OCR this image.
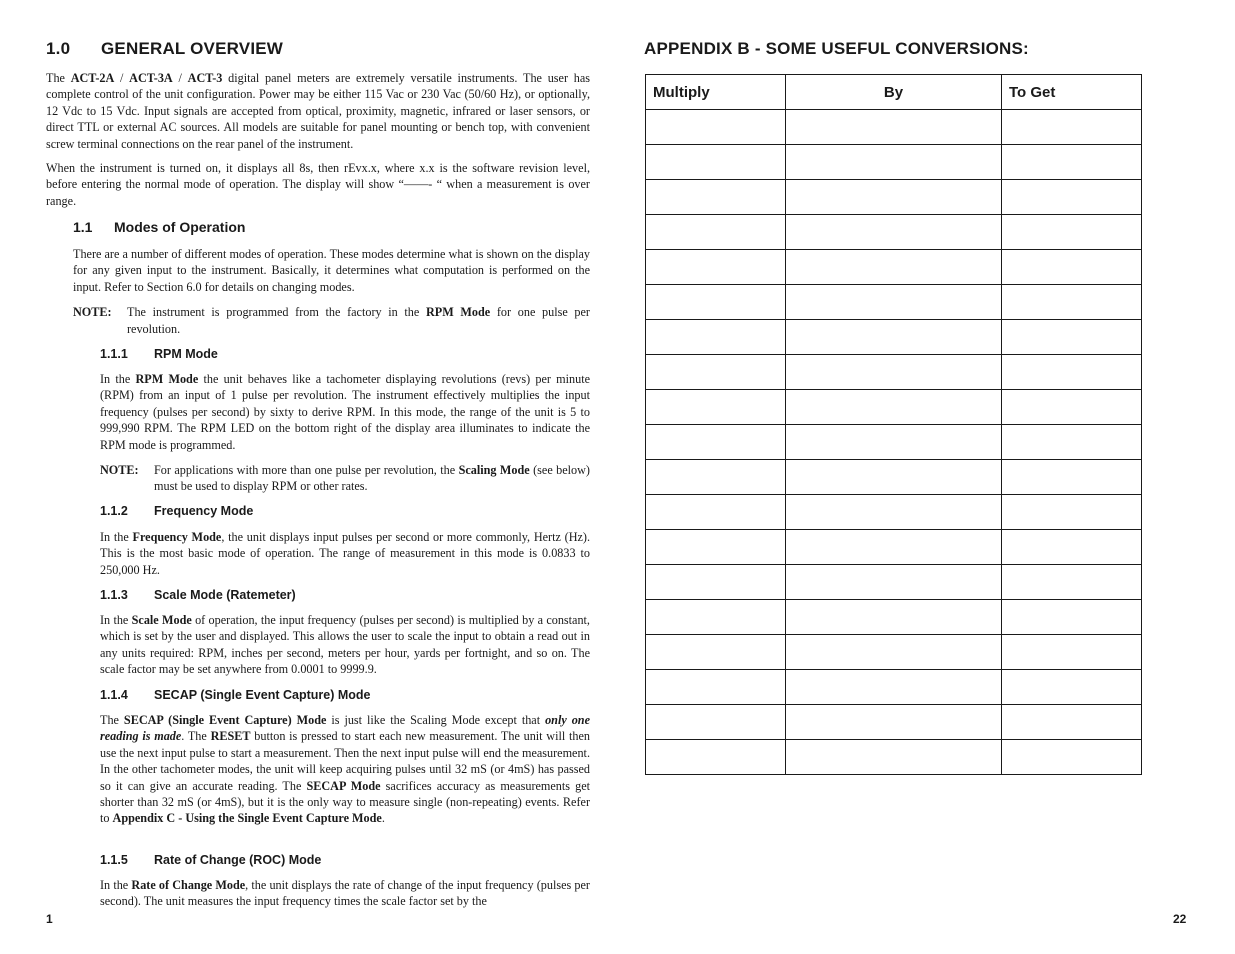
1.0 GENERAL OVERVIEW

The ACT-2A / ACT-3A / ACT-3 digital panel meters are extremely versatile instruments. The user has complete control of the unit configuration. Power may be either 115 Vac or 230 Vac (50/60 Hz), or optionally, 12 Vdc to 15 Vdc. Input signals are accepted from optical, proximity, magnetic, infrared or laser sensors, or direct TTL or external AC sources. All models are suitable for panel mounting or bench top, with convenient screw terminal connections on the rear panel of the instrument.

When the instrument is turned on, it displays all 8s, then rEvx.x, where x.x is the software revision level, before entering the normal mode of operation. The display will show “——- “ when a measurement is over range.

1.1 Modes of Operation

There are a number of different modes of operation. These modes determine what is shown on the display for any given input to the instrument. Basically, it determines what computation is performed on the input. Refer to Section 6.0 for details on changing modes.

NOTE:	The instrument is programmed from the factory in the RPM Mode for one pulse per revolution.
1.1.1 RPM Mode

In the RPM Mode the unit behaves like a tachometer displaying revolutions (revs) per minute (RPM) from an input of 1 pulse per revolution. The instrument effectively multiplies the input frequency (pulses per second) by sixty to derive RPM. In this mode, the range of the unit is 5 to 999,990 RPM. The RPM LED on the bottom right of the display area illuminates to indicate the RPM mode is programmed.

NOTE:	For applications with more than one pulse per revolution, the Scaling Mode (see below) must be used to display RPM or other rates.
1.1.2 Frequency Mode

In the Frequency Mode, the unit displays input pulses per second or more commonly, Hertz (Hz). This is the most basic mode of operation. The range of measurement in this mode is 0.0833 to 250,000 Hz.

1.1.3 Scale Mode (Ratemeter)

In the Scale Mode of operation, the input frequency (pulses per second) is multiplied by a constant, which is set by the user and displayed. This allows the user to scale the input to obtain a read out in any units required: RPM, inches per second, meters per hour, yards per fortnight, and so on. The scale factor may be set anywhere from 0.0001 to 9999.9.

1.1.4 SECAP (Single Event Capture) Mode

The SECAP (Single Event Capture) Mode is just like the Scaling Mode except that only one reading is made. The RESET button is pressed to start each new measurement. The unit will then use the next input pulse to start a measurement. Then the next input pulse will end the measurement. In the other tachometer modes, the unit will keep acquiring pulses until 32 mS (or 4mS) has passed so it can give an accurate reading. The SECAP Mode sacrifices accuracy as measurements get shorter than 32 mS (or 4mS), but it is the only way to measure single (non-repeating) events. Refer to Appendix C - Using the Single Event Capture Mode.

1.1.5 Rate of Change (ROC) Mode

In the Rate of Change Mode, the unit displays the rate of change of the input frequency (pulses per second). The unit measures the input frequency times the scale factor set by the

1
APPENDIX B - SOME USEFUL CONVERSIONS:
Multiply	By	To Get

22
